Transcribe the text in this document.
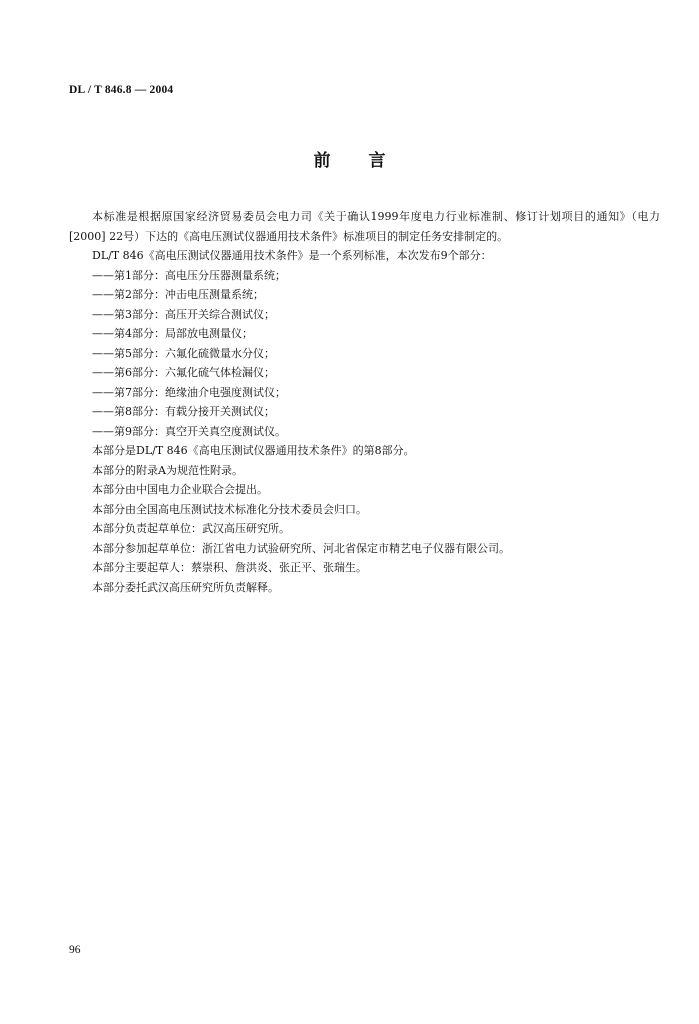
DL / T 846.8 — 2004
前 言

本标准是根据原国家经济贸易委员会电力司《关于确认1999年度电力行业标准制、修订计划项目的通知》（电力[2000] 22号）下达的《高电压测试仪器通用技术条件》标准项目的制定任务安排制定的。

DL/T 846《高电压测试仪器通用技术条件》是一个系列标准，本次发布9个部分：
——第1部分：高电压分压器测量系统；
——第2部分：冲击电压测量系统；
——第3部分：高压开关综合测试仪；
——第4部分：局部放电测量仪；
——第5部分：六氟化硫微量水分仪；
——第6部分：六氟化硫气体检漏仪；
——第7部分：绝缘油介电强度测试仪；
——第8部分：有载分接开关测试仪；
——第9部分：真空开关真空度测试仪。
本部分是DL/T 846《高电压测试仪器通用技术条件》的第8部分。
本部分的附录A为规范性附录。
本部分由中国电力企业联合会提出。
本部分由全国高电压测试技术标准化分技术委员会归口。
本部分负责起草单位：武汉高压研究所。
本部分参加起草单位：浙江省电力试验研究所、河北省保定市精艺电子仪器有限公司。
本部分主要起草人：蔡崇积、詹洪炎、张正平、张瑞生。
本部分委托武汉高压研究所负责解释。
96
